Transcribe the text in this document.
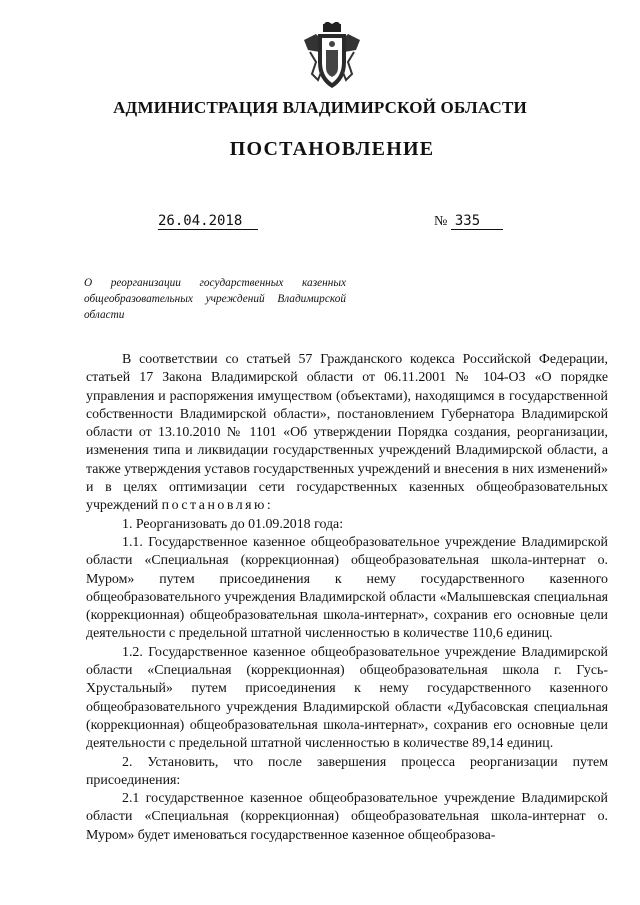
АДМИНИСТРАЦИЯ ВЛАДИМИРСКОЙ ОБЛАСТИ
ПОСТАНОВЛЕНИЕ
26.04.2018	№ 335
О реорганизации государственных казенных общеобразовательных учреждений Владимирской области

В соответствии со статьей 57 Гражданского кодекса Российской Федерации, статьей 17 Закона Владимирской области от 06.11.2001 № 104-ОЗ «О порядке управления и распоряжения имуществом (объектами), находящимся в государственной собственности Владимирской области», постановлением Губернатора Владимирской области от 13.10.2010 № 1101 «Об утверждении Порядка создания, реорганизации, изменения типа и ликвидации государственных учреждений Владимирской области, а также утверждения уставов государственных учреждений и внесения в них изменений» и в целях оптимизации сети государственных казенных общеобразовательных учреждений постановляю:

1. Реорганизовать до 01.09.2018 года:

1.1. Государственное казенное общеобразовательное учреждение Владимирской области «Специальная (коррекционная) общеобразовательная школа-интернат о. Муром» путем присоединения к нему государственного казенного общеобразовательного учреждения Владимирской области «Малышевская специальная (коррекционная) общеобразовательная школа-интернат», сохранив его основные цели деятельности с предельной штатной численностью в количестве 110,6 единиц.

1.2. Государственное казенное общеобразовательное учреждение Владимирской области «Специальная (коррекционная) общеобразовательная школа г. Гусь-Хрустальный» путем присоединения к нему государственного казенного общеобразовательного учреждения Владимирской области «Дубасовская специальная (коррекционная) общеобразовательная школа-интернат», сохранив его основные цели деятельности с предельной штатной численностью в количестве 89,14 единиц.

2. Установить, что после завершения процесса реорганизации путем присоединения:

2.1 государственное казенное общеобразовательное учреждение Владимирской области «Специальная (коррекционная) общеобразовательная школа-интернат о. Муром» будет именоваться государственное казенное общеобразова-
